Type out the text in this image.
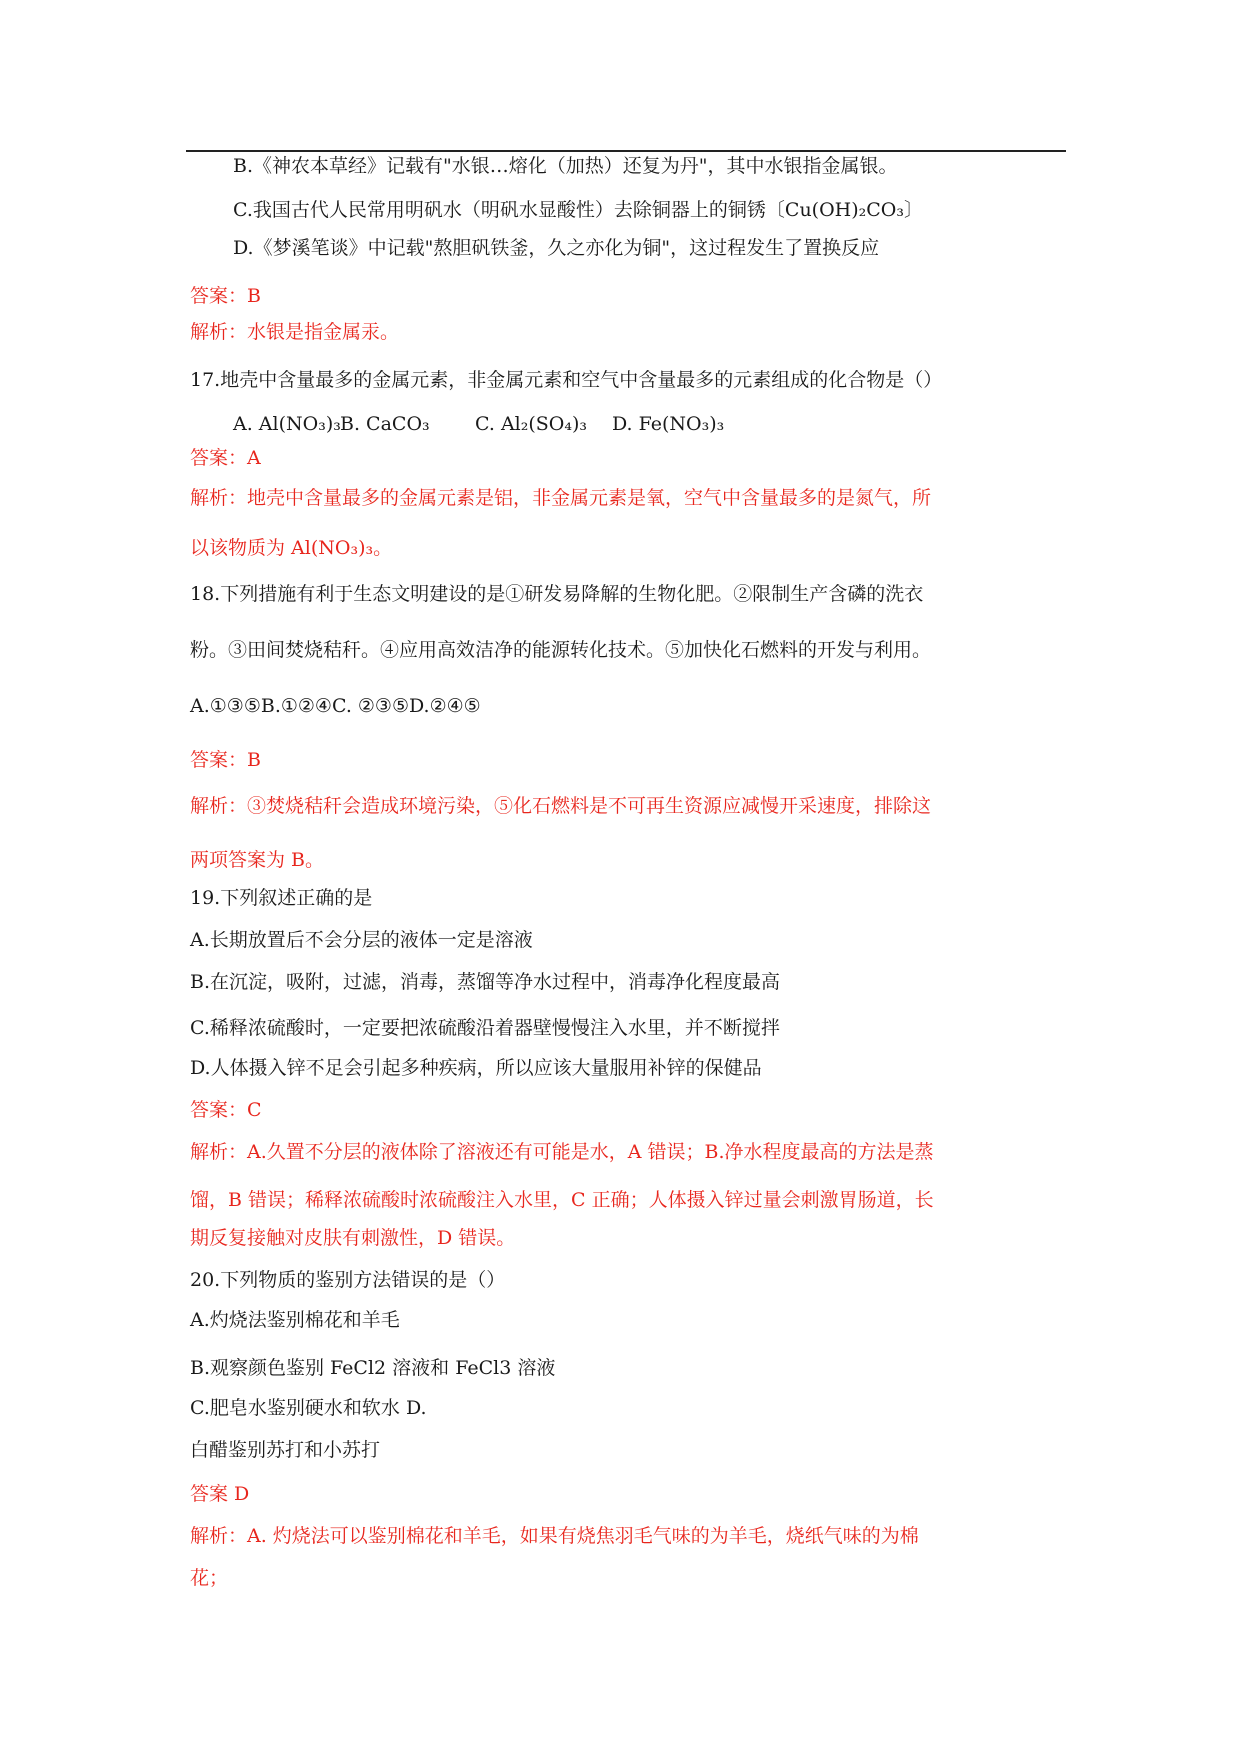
B.《神农本草经》记载有"水银…熔化（加热）还复为丹"，其中水银指金属银。
C.我国古代人民常用明矾水（明矾水显酸性）去除铜器上的铜锈〔Cu(OH)₂CO₃〕
D.《梦溪笔谈》中记载"熬胆矾铁釜，久之亦化为铜"，这过程发生了置换反应
答案：B
解析：水银是指金属汞。
17.地壳中含量最多的金属元素，非金属元素和空气中含量最多的元素组成的化合物是（）
A. Al(NO₃)₃ B. CaCO₃ C. Al₂(SO₄)₃ D. Fe(NO₃)₃
答案：A
解析：地壳中含量最多的金属元素是铝，非金属元素是氧，空气中含量最多的是氮气，所
以该物质为 Al(NO₃)₃。
18.下列措施有利于生态文明建设的是①研发易降解的生物化肥。②限制生产含磷的洗衣
粉。③田间焚烧秸秆。④应用高效洁净的能源转化技术。⑤加快化石燃料的开发与利用。
A.①③⑤B.①②④C. ②③⑤D.②④⑤
答案：B
解析：③焚烧秸秆会造成环境污染，⑤化石燃料是不可再生资源应减慢开采速度，排除这
两项答案为 B。
19.下列叙述正确的是
A.长期放置后不会分层的液体一定是溶液
B.在沉淀，吸附，过滤，消毒，蒸馏等净水过程中，消毒净化程度最高
C.稀释浓硫酸时，一定要把浓硫酸沿着器壁慢慢注入水里，并不断搅拌
D.人体摄入锌不足会引起多种疾病，所以应该大量服用补锌的保健品
答案：C
解析：A.久置不分层的液体除了溶液还有可能是水，A 错误；B.净水程度最高的方法是蒸
馏，B 错误；稀释浓硫酸时浓硫酸注入水里，C 正确；人体摄入锌过量会刺激胃肠道，长
期反复接触对皮肤有刺激性，D 错误。
20.下列物质的鉴别方法错误的是（）
A.灼烧法鉴别棉花和羊毛
B.观察颜色鉴别 FeCl2 溶液和 FeCl3 溶液
C.肥皂水鉴别硬水和软水 D.
白醋鉴别苏打和小苏打
答案 D
解析：A. 灼烧法可以鉴别棉花和羊毛，如果有烧焦羽毛气味的为羊毛，烧纸气味的为棉
花；
